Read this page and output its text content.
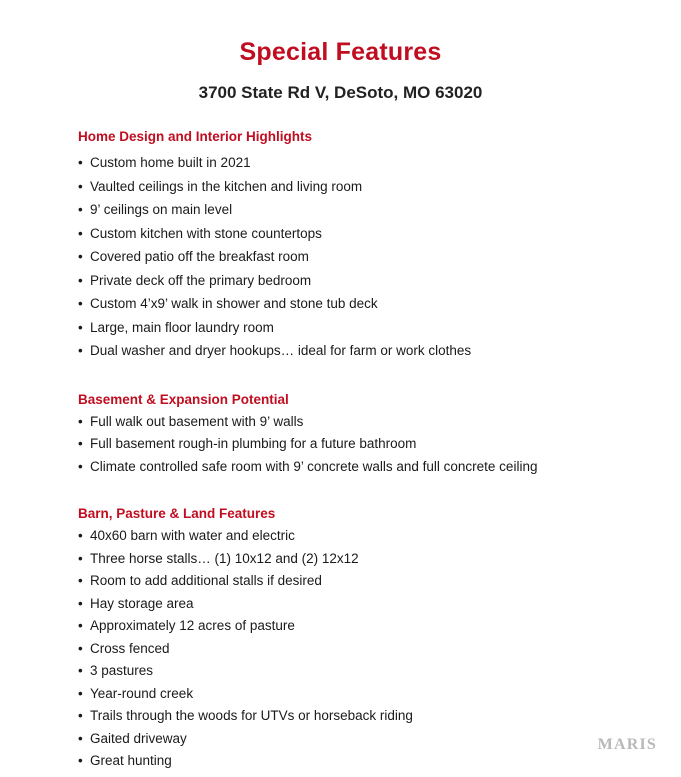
Special Features
3700 State Rd V, DeSoto, MO 63020
Home Design and Interior Highlights
• Custom home built in 2021
• Vaulted ceilings in the kitchen and living room
• 9’ ceilings on main level
• Custom kitchen with stone countertops
• Covered patio off the breakfast room
• Private deck off the primary bedroom
• Custom 4’x9’ walk in shower and stone tub deck
• Large, main floor laundry room
• Dual washer and dryer hookups… ideal for farm or work clothes
Basement & Expansion Potential
• Full walk out basement with 9’ walls
• Full basement rough-in plumbing for a future bathroom
• Climate controlled safe room with 9’ concrete walls and full concrete ceiling
Barn, Pasture & Land Features
• 40x60 barn with water and electric
• Three horse stalls… (1) 10x12 and (2) 12x12
• Room to add additional stalls if desired
• Hay storage area
• Approximately 12 acres of pasture
• Cross fenced
• 3 pastures
• Year-round creek
• Trails through the woods for UTVs or horseback riding
• Gaited driveway
• Great hunting
MARIS
